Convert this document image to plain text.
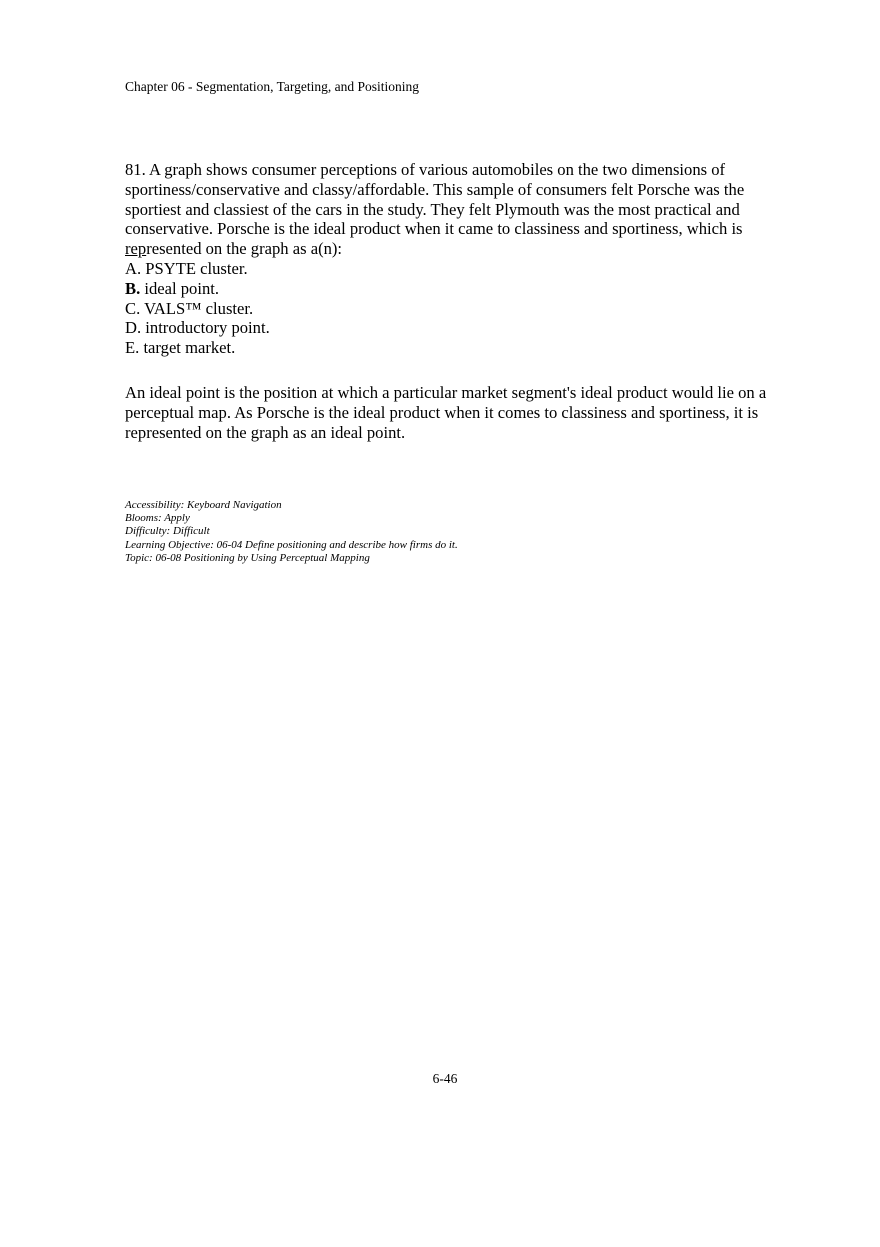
Chapter 06 - Segmentation, Targeting, and Positioning

81. A graph shows consumer perceptions of various automobiles on the two dimensions of sportiness/conservative and classy/affordable. This sample of consumers felt Porsche was the sportiest and classiest of the cars in the study. They felt Plymouth was the most practical and conservative. Porsche is the ideal product when it came to classiness and sportiness, which is represented on the graph as a(n):

A. PSYTE cluster.
B. ideal point.
C. VALS™ cluster.
D. introductory point.
E. target market.

An ideal point is the position at which a particular market segment's ideal product would lie on a perceptual map. As Porsche is the ideal product when it comes to classiness and sportiness, it is represented on the graph as an ideal point.

Accessibility: Keyboard Navigation
Blooms: Apply
Difficulty: Difficult
Learning Objective: 06-04 Define positioning and describe how firms do it.
Topic: 06-08 Positioning by Using Perceptual Mapping
6-46
